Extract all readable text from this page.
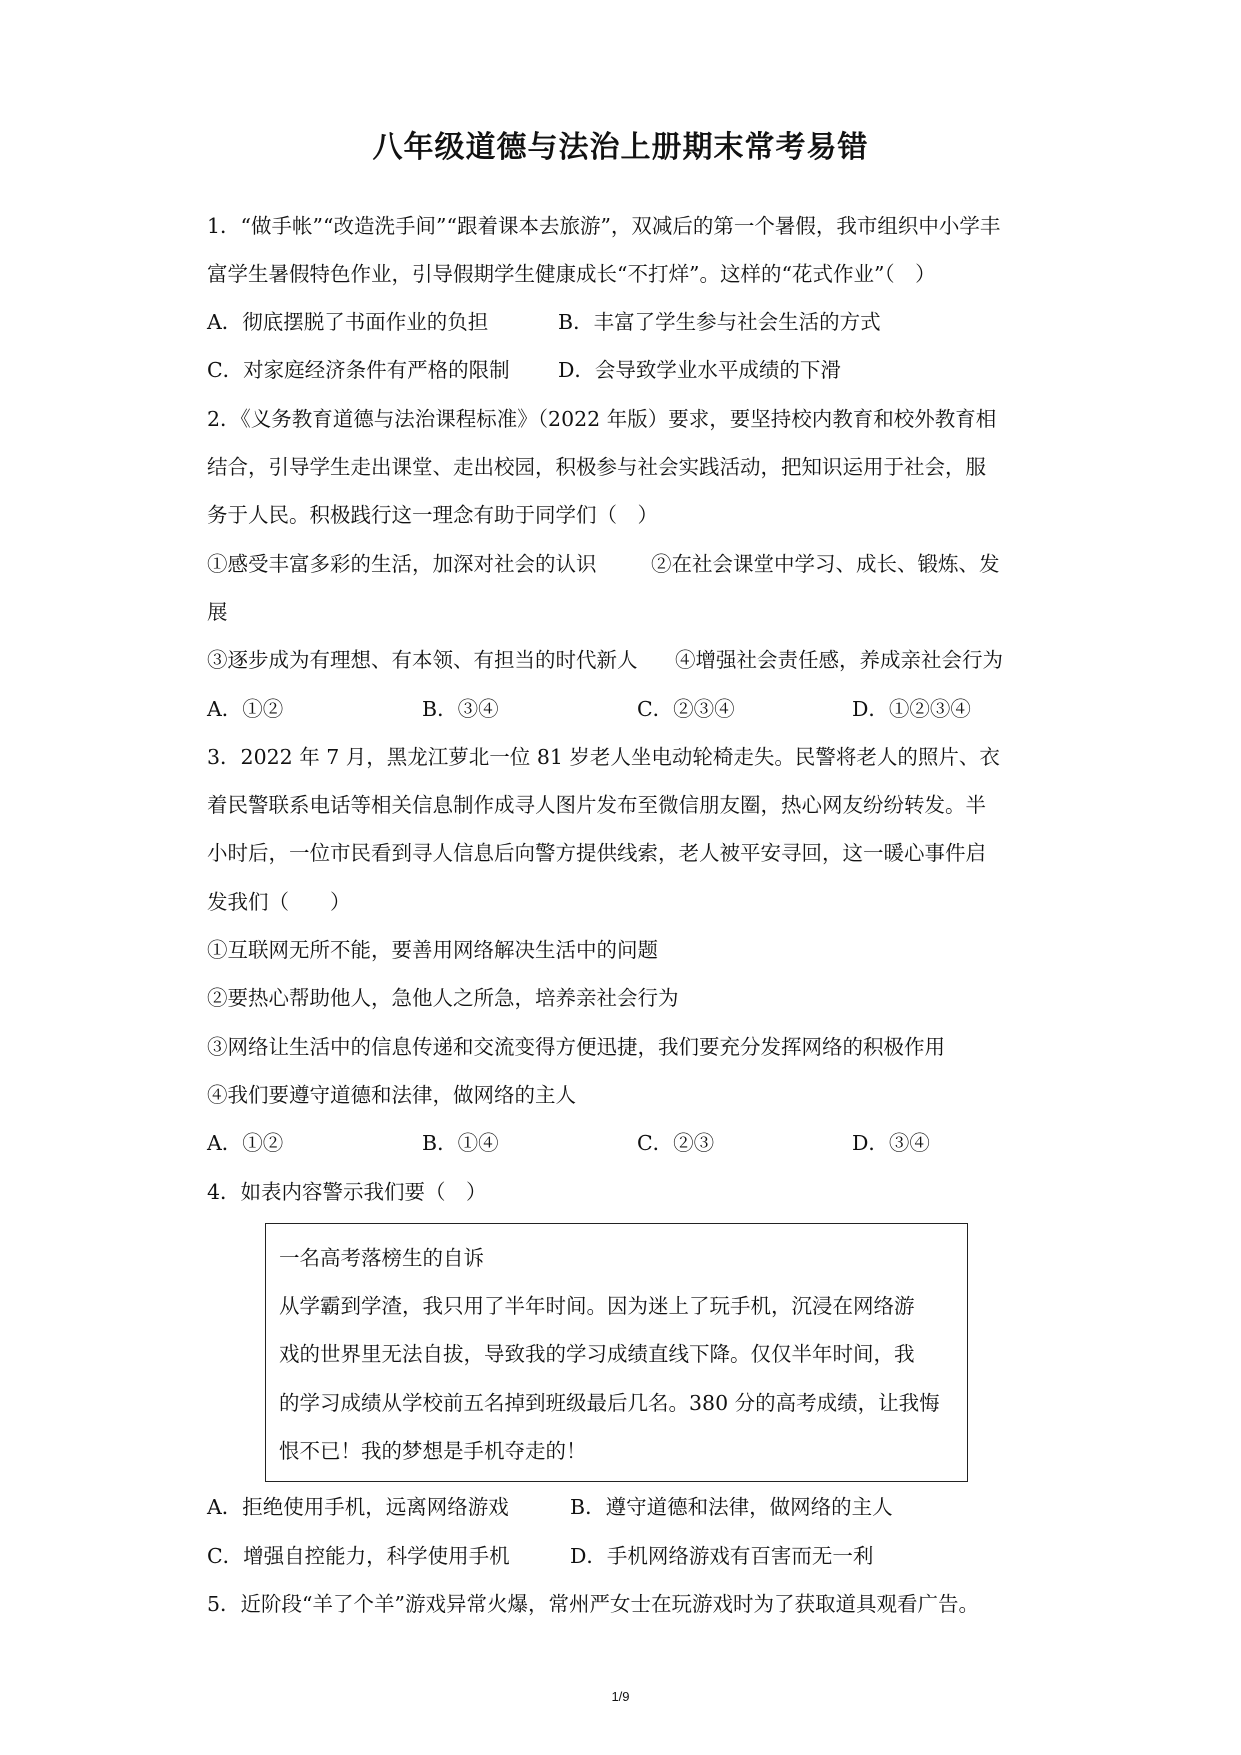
八年级道德与法治上册期末常考易错
1．“做手帐”“改造洗手间”“跟着课本去旅游”，双减后的第一个暑假，我市组织中小学丰
富学生暑假特色作业，引导假期学生健康成长“不打烊”。这样的“花式作业”（　）
A．彻底摆脱了书面作业的负担	B．丰富了学生参与社会生活的方式
C．对家庭经济条件有严格的限制 D．会导致学业水平成绩的下滑
2．《义务教育道德与法治课程标准》（2022 年版）要求，要坚持校内教育和校外教育相
结合，引导学生走出课堂、走出校园，积极参与社会实践活动，把知识运用于社会，服
务于人民。积极践行这一理念有助于同学们（　）
①感受丰富多彩的生活，加深对社会的认识	②在社会课堂中学习、成长、锻炼、发
展
③逐步成为有理想、有本领、有担当的时代新人 ④增强社会责任感，养成亲社会行为
A．①②	B．③④	C．②③④	D．①②③④
3．2022 年 7 月，黑龙江萝北一位 81 岁老人坐电动轮椅走失。民警将老人的照片、衣
着民警联系电话等相关信息制作成寻人图片发布至微信朋友圈，热心网友纷纷转发。半
小时后，一位市民看到寻人信息后向警方提供线索，老人被平安寻回，这一暖心事件启
发我们（　　）
①互联网无所不能，要善用网络解决生活中的问题
②要热心帮助他人，急他人之所急，培养亲社会行为
③网络让生活中的信息传递和交流变得方便迅捷，我们要充分发挥网络的积极作用
④我们要遵守道德和法律，做网络的主人
A．①②	B．①④	C．②③	D．③④
4．如表内容警示我们要（　）
一名高考落榜生的自诉
从学霸到学渣，我只用了半年时间。因为迷上了玩手机，沉浸在网络游
戏的世界里无法自拔，导致我的学习成绩直线下降。仅仅半年时间，我
的学习成绩从学校前五名掉到班级最后几名。380 分的高考成绩，让我悔
恨不已！我的梦想是手机夺走的！
A．拒绝使用手机，远离网络游戏	B．遵守道德和法律，做网络的主人
C．增强自控能力，科学使用手机	D．手机网络游戏有百害而无一利
5．近阶段“羊了个羊”游戏异常火爆，常州严女士在玩游戏时为了获取道具观看广告。
1/9
